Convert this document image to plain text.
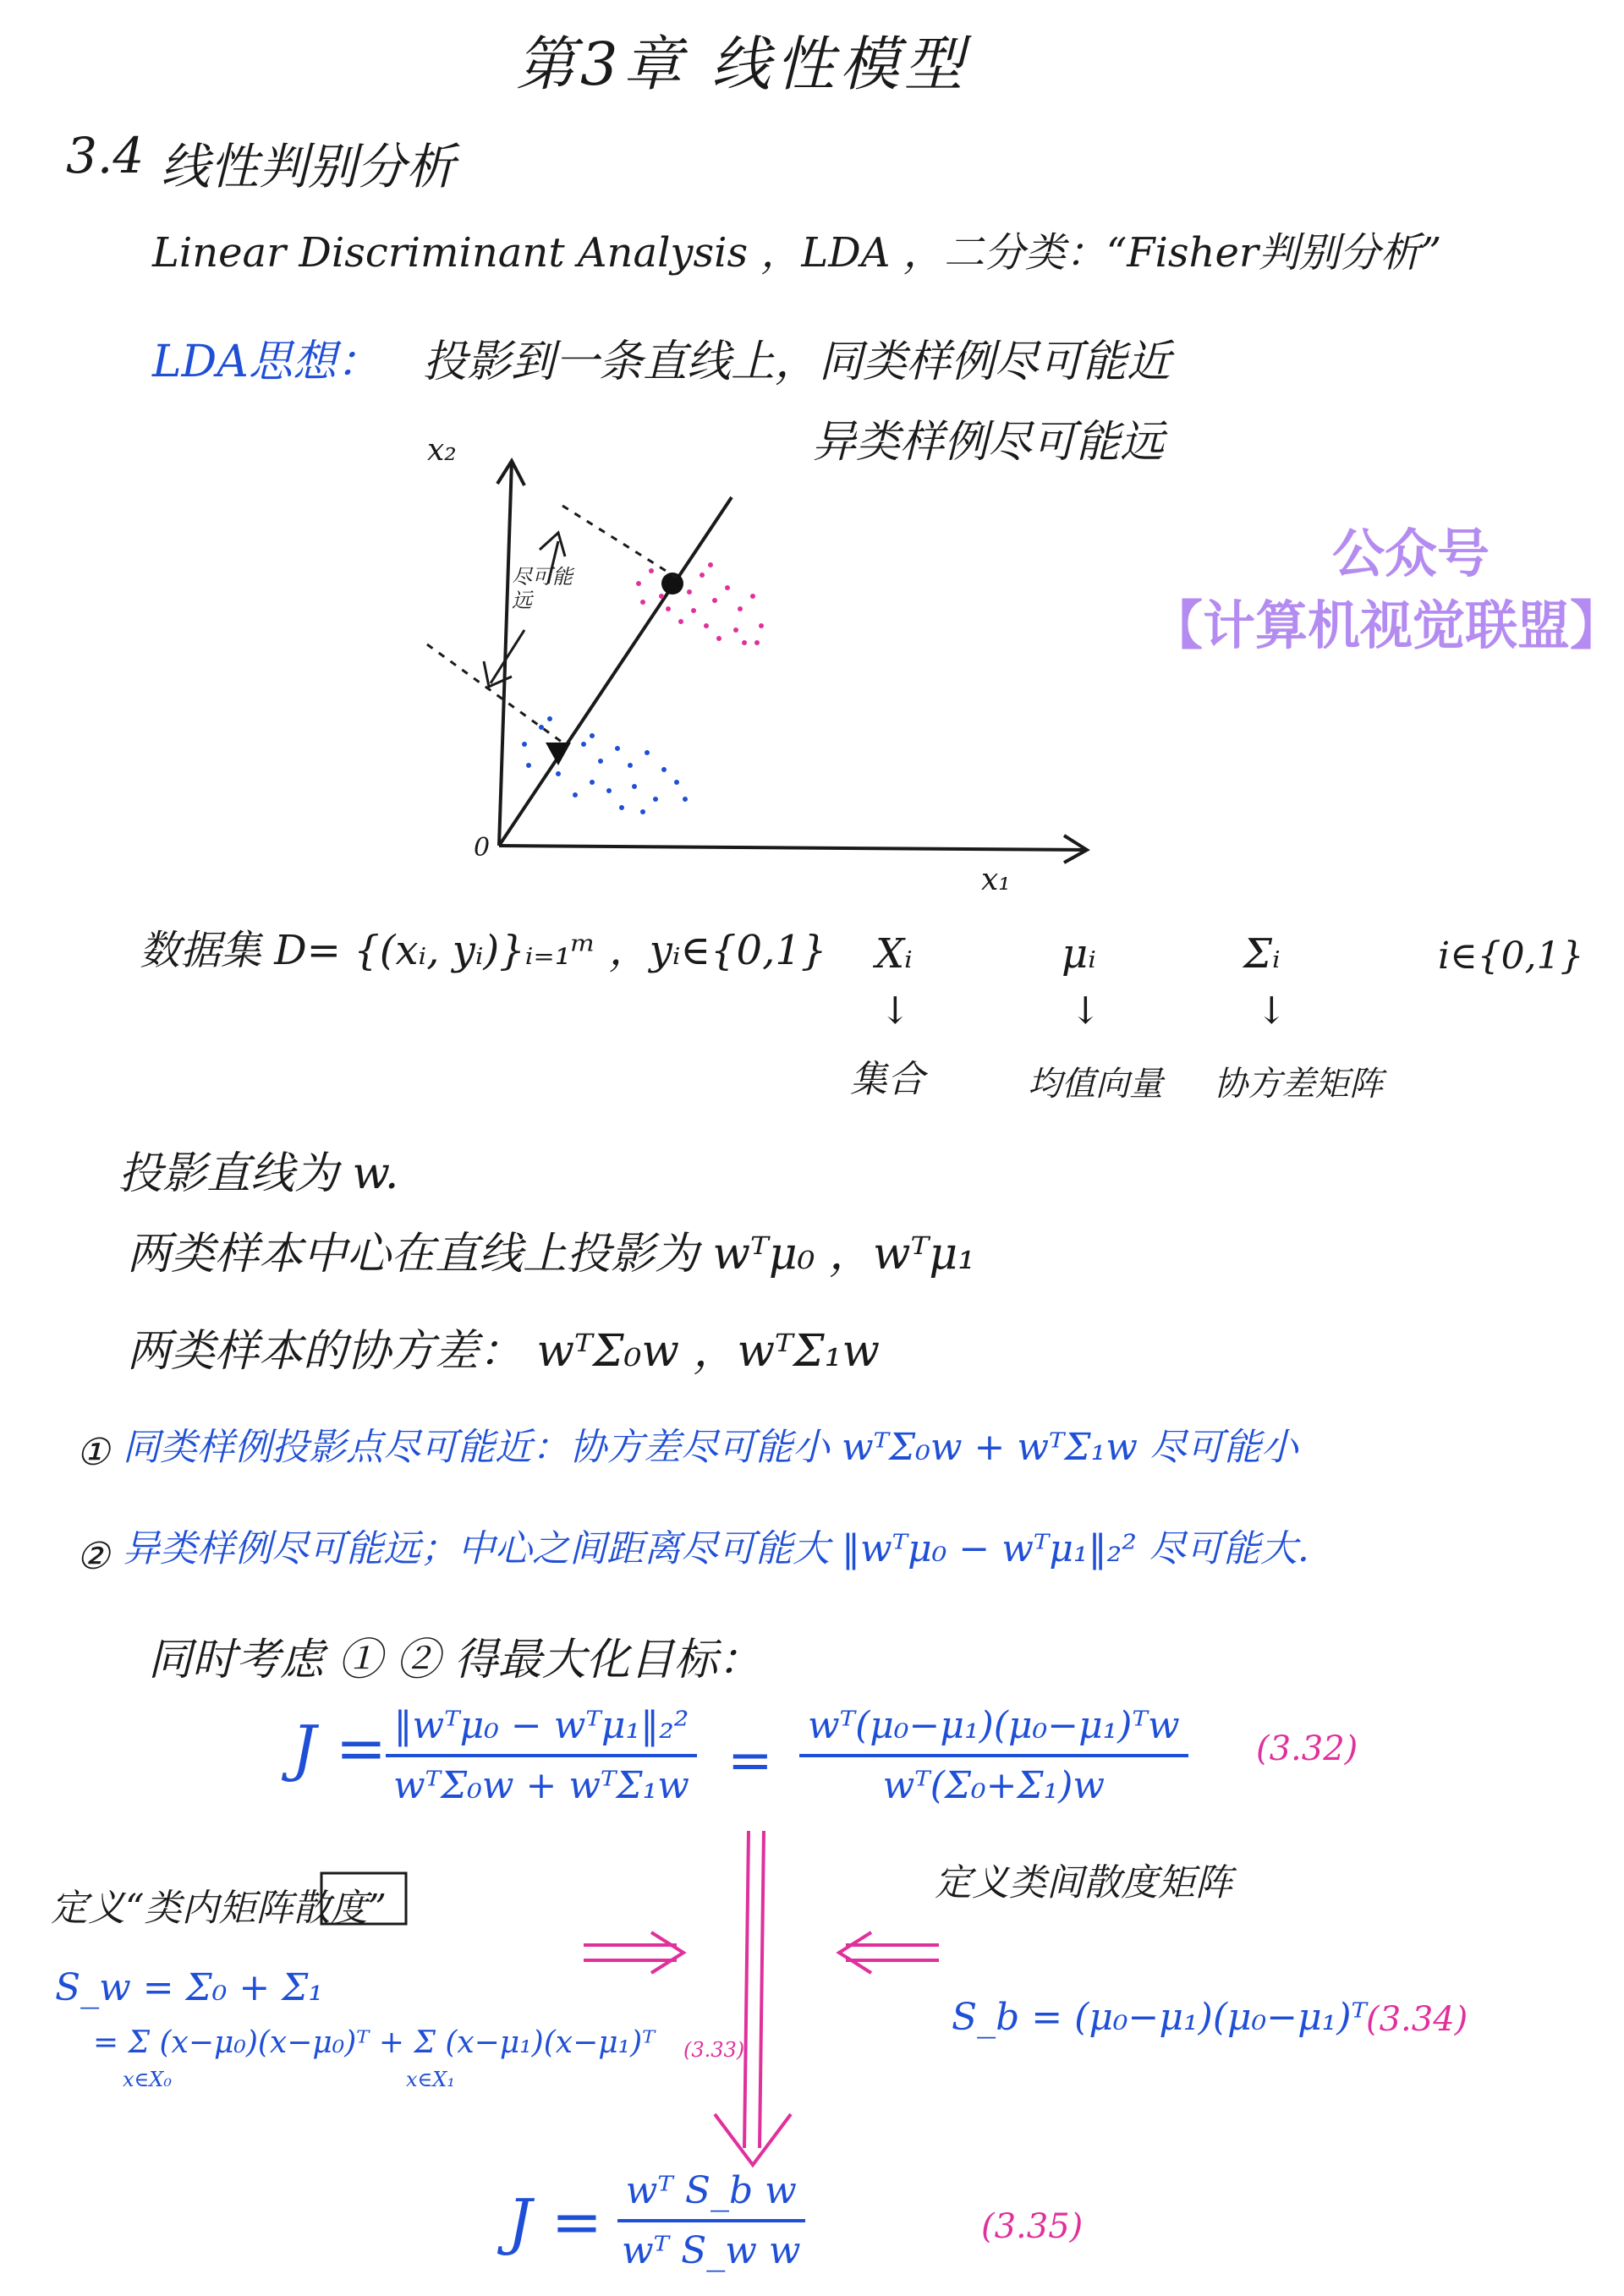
第3章 线性模型
3.4 线性判别分析
Linear Discriminant Analysis ，LDA ，二分类：“Fisher判别分析”
LDA思想： 投影到一条直线上，同类样例尽可能近
异类样例尽可能远
x₂
x₁
0
尽可能远
公众号
【计算机视觉联盟】
数据集 D= {(xᵢ, yᵢ)}ᵢ₌₁ᵐ ，yᵢ∈{0,1} Xᵢ	μᵢ	Σᵢ	i∈{0,1}
↓	↓	↓
集合	均值向量 协方差矩阵
投影直线为 w.
两类样本中心在直线上投影为 wᵀμ₀ ，wᵀμ₁
两类样本的协方差： wᵀΣ₀w ，wᵀΣ₁w
① 同类样例投影点尽可能近：协方差尽可能小 wᵀΣ₀w + wᵀΣ₁w 尽可能小
② 异类样例尽可能远；中心之间距离尽可能大 ‖wᵀμ₀ − wᵀμ₁‖₂² 尽可能大.
同时考虑 ① ② 得最大化目标：
J =
$\frac{\text{‖wᵀμ₀ − wᵀμ₁‖₂²}}{\text{wᵀΣ₀w + wᵀΣ₁w}} = \frac{\text{wᵀ(μ₀−μ₁)(μ₀−μ₁)ᵀw}}{\text{wᵀ(Σ₀+Σ₁)w}} (3.32)$
定义“类内矩阵散度”
S_w = Σ₀ + Σ₁
= Σ (x−μ₀)(x−μ₀)ᵀ + Σ (x−μ₁)(x−μ₁)ᵀ
x∈X₀	x∈X₁
(3.33)
定义类间散度矩阵
S_b = (μ₀−μ₁)(μ₀−μ₁)ᵀ (3.34)
$J = \frac{\text{wᵀ S\_b w}}{\text{wᵀ S\_w w}}$	(3.35)
